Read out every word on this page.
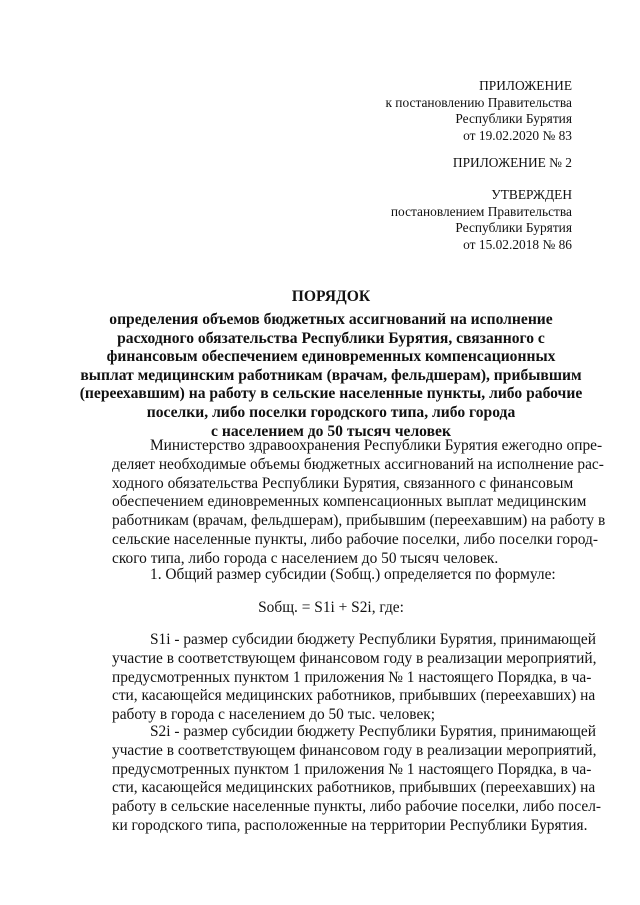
ПРИЛОЖЕНИЕ
к постановлению Правительства
Республики Бурятия
от 19.02.2020 № 83
ПРИЛОЖЕНИЕ № 2
УТВЕРЖДЕН
постановлением Правительства
Республики Бурятия
от 15.02.2018 № 86
ПОРЯДОК
определения объемов бюджетных ассигнований на исполнение
расходного обязательства Республики Бурятия, связанного с
финансовым обеспечением единовременных компенсационных
выплат медицинским работникам (врачам, фельдшерам), прибывшим
(переехавшим) на работу в сельские населенные пункты, либо рабочие
поселки, либо поселки городского типа, либо города
с населением до 50 тысяч человек
Министерство здравоохранения Республики Бурятия ежегодно опре-
деляет необходимые объемы бюджетных ассигнований на исполнение рас-
ходного обязательства Республики Бурятия, связанного с финансовым
обеспечением единовременных компенсационных выплат медицинским
работникам (врачам, фельдшерам), прибывшим (переехавшим) на работу в
сельские населенные пункты, либо рабочие поселки, либо поселки город-
ского типа, либо города с населением до 50 тысяч человек.
1. Общий размер субсидии (Sобщ.) определяется по формуле:
Sобщ. = S1i + S2i, где:
S1i - размер субсидии бюджету Республики Бурятия, принимающей
участие в соответствующем финансовом году в реализации мероприятий,
предусмотренных пунктом 1 приложения № 1 настоящего Порядка, в ча-
сти, касающейся медицинских работников, прибывших (переехавших) на
работу в города с населением до 50 тыс. человек;
S2i - размер субсидии бюджету Республики Бурятия, принимающей
участие в соответствующем финансовом году в реализации мероприятий,
предусмотренных пунктом 1 приложения № 1 настоящего Порядка, в ча-
сти, касающейся медицинских работников, прибывших (переехавших) на
работу в сельские населенные пункты, либо рабочие поселки, либо посел-
ки городского типа, расположенные на территории Республики Бурятия.
